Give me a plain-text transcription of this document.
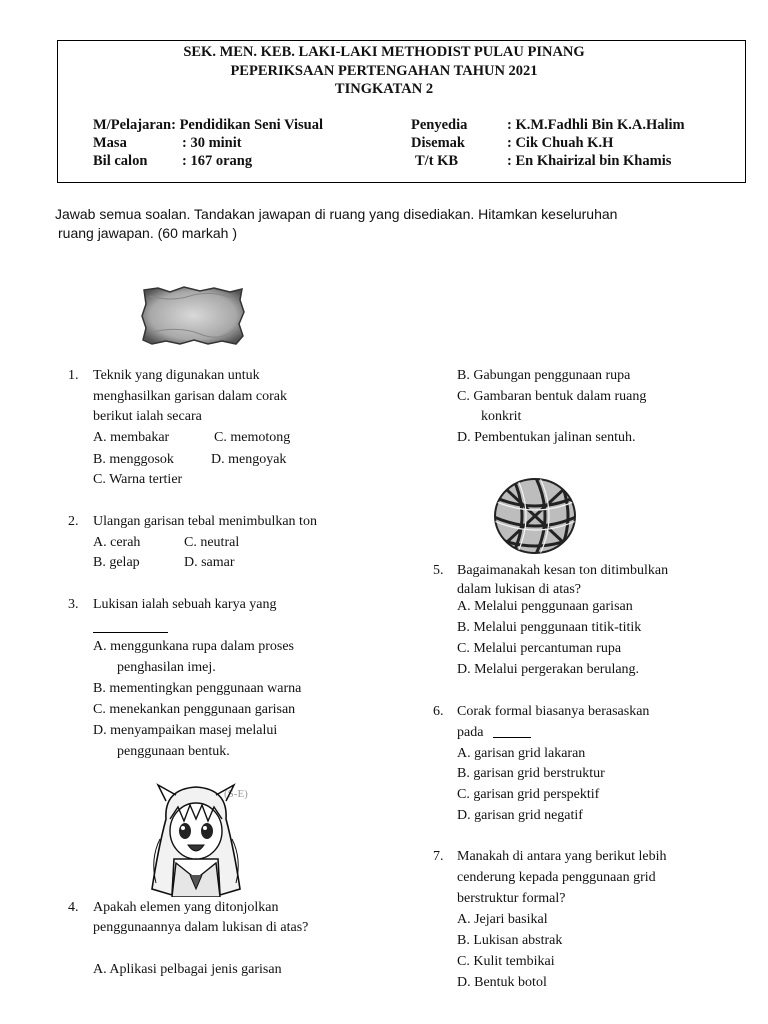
SEK. MEN. KEB. LAKI-LAKI METHODIST PULAU PINANG
PEPERIKSAAN PERTENGAHAN TAHUN 2021
TINGKATAN 2
M/Pelajaran: Pendidikan Seni Visual
Masa	: 30 minit
Bil calon : 167 orang
Penyedia	: K.M.Fadhli Bin K.A.Halim
Disemak	: Cik Chuah K.H
T/t KB	: En Khairizal bin Khamis
Jawab semua soalan. Tandakan jawapan di ruang yang disediakan. Hitamkan keseluruhan
ruang jawapan. (60 markah )
1. Teknik yang digunakan untuk
menghasilkan garisan dalam corak
berikut ialah secara
A. membakar	C. memotong
B. menggosok	D. mengoyak
C. Warna tertier
2. Ulangan garisan tebal menimbulkan ton
A. cerah	C. neutral
B. gelap	D. samar
3. Lukisan ialah sebuah karya yang
A. menggunkana rupa dalam proses
penghasilan imej.
B. mementingkan penggunaan warna
C. menekankan penggunaan garisan
D. menyampaikan masej melalui
penggunaan bentuk.
(S-E)
4. Apakah elemen yang ditonjolkan
penggunaannya dalam lukisan di atas?
A. Aplikasi pelbagai jenis garisan
B. Gabungan penggunaan rupa
C. Gambaran bentuk dalam ruang
konkrit
D. Pembentukan jalinan sentuh.
5. Bagaimanakah kesan ton ditimbulkan
dalam lukisan di atas?
A. Melalui penggunaan garisan
B. Melalui penggunaan titik-titik
C. Melalui percantuman rupa
D. Melalui pergerakan berulang.
6. Corak formal biasanya berasaskan
pada
A. garisan grid lakaran
B. garisan grid berstruktur
C. garisan grid perspektif
D. garisan grid negatif
7. Manakah di antara yang berikut lebih
cenderung kepada penggunaan grid
berstruktur formal?
A. Jejari basikal
B. Lukisan abstrak
C. Kulit tembikai
D. Bentuk botol
